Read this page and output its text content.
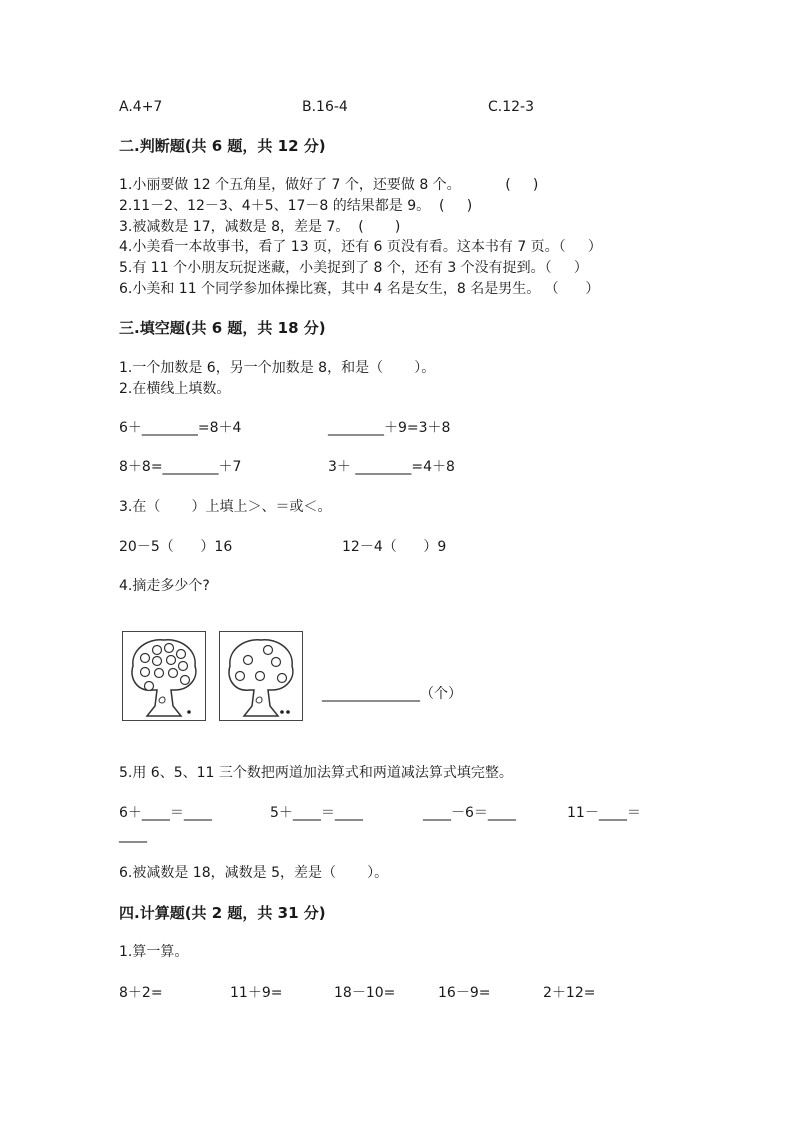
A.4+7	B.16-4	C.12-3
二.判断题(共 6 题，共 12 分)
1.小丽要做 12 个五角星，做好了 7 个，还要做 8 个。          (     )
2.11－2、12－3、4＋5、17－8 的结果都是 9。  (     )
3.被减数是 17，减数是 8，差是 7。  (       )
4.小美看一本故事书，看了 13 页，还有 6 页没有看。这本书有 7 页。（     ）
5.有 11 个小朋友玩捉迷藏，小美捉到了 8 个，还有 3 个没有捉到。（     ）
6.小美和 11 个同学参加体操比赛，其中 4 名是女生，8 名是男生。 （      ）
三.填空题(共 6 题，共 18 分)
1.一个加数是 6，另一个加数是 8，和是（       ）。
2.在横线上填数。
6＋________=8＋4	________＋9=3＋8
8＋8=________＋7	3＋ ________=4＋8
3.在（       ）上填上＞、＝或＜。
20－5（      ）16	12－4（      ）9
4.摘走多少个?
______________（个）
5.用 6、5、11 三个数把两道加法算式和两道减法算式填完整。
6＋____＝____	5＋____＝____	____－6＝____	11－____＝
____
6.被减数是 18，减数是 5，差是（       ）。
四.计算题(共 2 题，共 31 分)
1.算一算。
8＋2=	11＋9=	18－10=	16－9=	2＋12=
